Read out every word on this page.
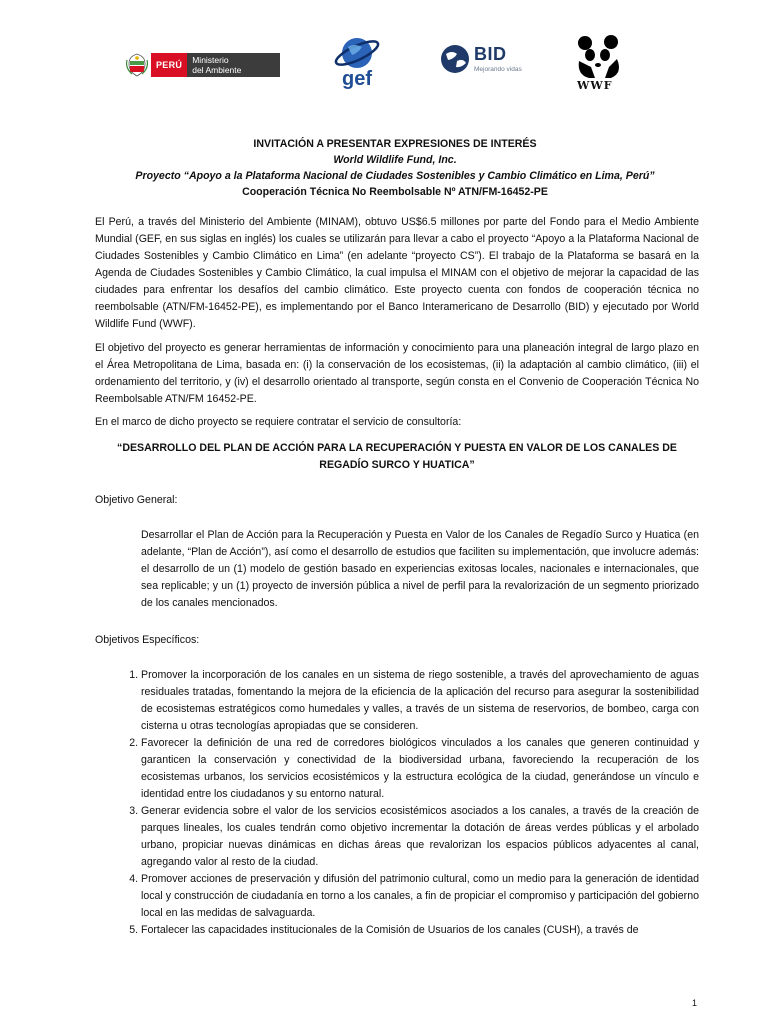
PERÚ	Ministerio
del Ambiente	gef
BID
Mejorando vidas
WWF
INVITACIÓN A PRESENTAR EXPRESIONES DE INTERÉS
World Wildlife Fund, Inc.
Proyecto “Apoyo a la Plataforma Nacional de Ciudades Sostenibles y Cambio Climático en Lima, Perú”
Cooperación Técnica No Reembolsable Nº ATN/FM-16452-PE

El Perú, a través del Ministerio del Ambiente (MINAM), obtuvo US$6.5 millones por parte del Fondo para el Medio Ambiente Mundial (GEF, en sus siglas en inglés) los cuales se utilizarán para llevar a cabo el proyecto “Apoyo a la Plataforma Nacional de Ciudades Sostenibles y Cambio Climático en Lima” (en adelante “proyecto CS”). El trabajo de la Plataforma se basará en la Agenda de Ciudades Sostenibles y Cambio Climático, la cual impulsa el MINAM con el objetivo de mejorar la capacidad de las ciudades para enfrentar los desafíos del cambio climático. Este proyecto cuenta con fondos de cooperación técnica no reembolsable (ATN/FM-16452-PE), es implementando por el Banco Interamericano de Desarrollo (BID) y ejecutado por World Wildlife Fund (WWF).

El objetivo del proyecto es generar herramientas de información y conocimiento para una planeación integral de largo plazo en el Área Metropolitana de Lima, basada en: (i) la conservación de los ecosistemas, (ii) la adaptación al cambio climático, (iii) el ordenamiento del territorio, y (iv) el desarrollo orientado al transporte, según consta en el Convenio de Cooperación Técnica No Reembolsable ATN/FM 16452-PE.

En el marco de dicho proyecto se requiere contratar el servicio de consultoría:

“DESARROLLO DEL PLAN DE ACCIÓN PARA LA RECUPERACIÓN Y PUESTA EN VALOR DE LOS CANALES DE REGADÍO SURCO Y HUATICA”

Objetivo General:

Desarrollar el Plan de Acción para la Recuperación y Puesta en Valor de los Canales de Regadío Surco y Huatica (en adelante, “Plan de Acción”), así como el desarrollo de estudios que faciliten su implementación, que involucre además: el desarrollo de un (1) modelo de gestión basado en experiencias exitosas locales, nacionales e internacionales, que sea replicable; y un (1) proyecto de inversión pública a nivel de perfil para la revalorización de un segmento priorizado de los canales mencionados.

Objetivos Específicos:

1. Promover la incorporación de los canales en un sistema de riego sostenible, a través del aprovechamiento de aguas residuales tratadas, fomentando la mejora de la eficiencia de la aplicación del recurso para asegurar la sostenibilidad de ecosistemas estratégicos como humedales y valles, a través de un sistema de reservorios, de bombeo, carga con cisterna u otras tecnologías apropiadas que se consideren.
2. Favorecer la definición de una red de corredores biológicos vinculados a los canales que generen continuidad y garanticen la conservación y conectividad de la biodiversidad urbana, favoreciendo la recuperación de los ecosistemas urbanos, los servicios ecosistémicos y la estructura ecológica de la ciudad, generándose un vínculo e identidad entre los ciudadanos y su entorno natural.
3. Generar evidencia sobre el valor de los servicios ecosistémicos asociados a los canales, a través de la creación de parques lineales, los cuales tendrán como objetivo incrementar la dotación de áreas verdes públicas y el arbolado urbano, propiciar nuevas dinámicas en dichas áreas que revalorizan los espacios públicos adyacentes al canal, agregando valor al resto de la ciudad.
4. Promover acciones de preservación y difusión del patrimonio cultural, como un medio para la generación de identidad local y construcción de ciudadanía en torno a los canales, a fin de propiciar el compromiso y participación del gobierno local en las medidas de salvaguarda.
5. Fortalecer las capacidades institucionales de la Comisión de Usuarios de los canales (CUSH), a través de
1
